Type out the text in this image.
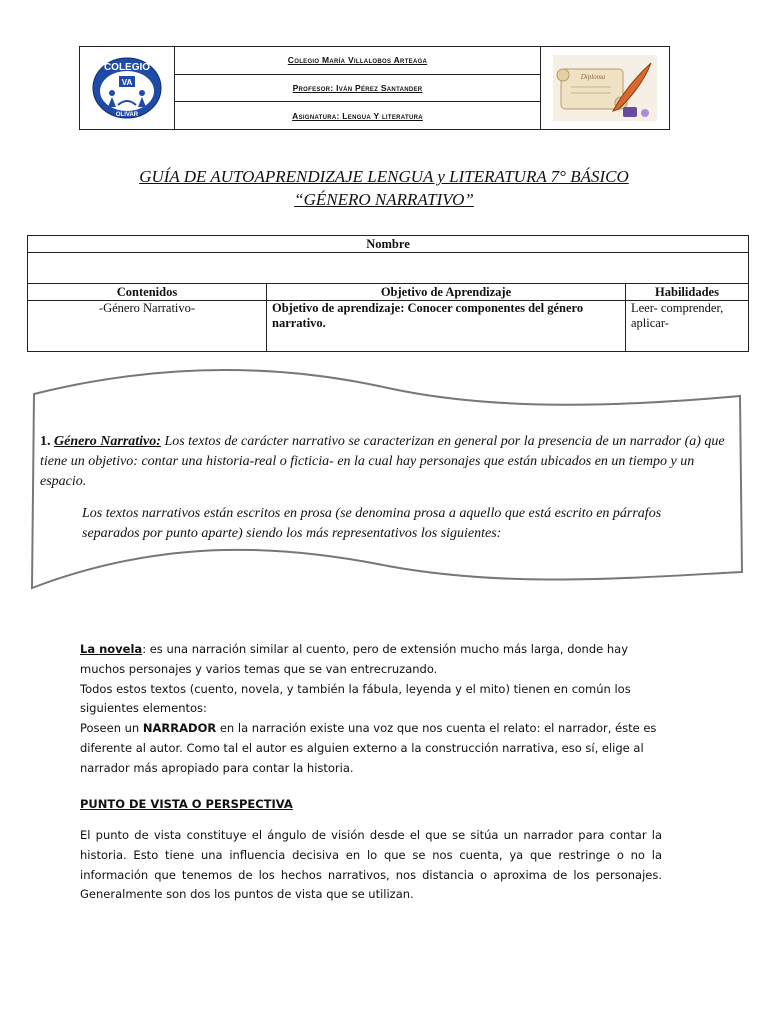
COLEGIO
VA
OLIVAR
Colegio María Villalobos Arteaga
Profesor: Iván Pérez Santander
Asignatura: Lengua Y literatura
Diploma
GUÍA DE AUTOAPRENDIZAJE LENGUA y LITERATURA 7° BÁSICO
“GÉNERO NARRATIVO”
Nombre		

Contenidos	Objetivo de Aprendizaje	Habilidades
-Género Narrativo-	Objetivo de aprendizaje: Conocer componentes del género narrativo.	Leer- comprender, aplicar-

1. Género Narrativo: Los textos de carácter narrativo se caracterizan en general por la presencia de un narrador (a) que tiene un objetivo: contar una historia-real o ficticia- en la cual hay personajes que están ubicados en un tiempo y un espacio.

Los textos narrativos están escritos en prosa (se denomina prosa a aquello que está escrito en párrafos separados por punto aparte) siendo los más representativos los siguientes:

La novela: es una narración similar al cuento, pero de extensión mucho más larga, donde hay muchos personajes y varios temas que se van entrecruzando.

Todos estos textos (cuento, novela, y también la fábula, leyenda y el mito) tienen en común los siguientes elementos:

Poseen un NARRADOR en la narración existe una voz que nos cuenta el relato: el narrador, éste es diferente al autor. Como tal el autor es alguien externo a la construcción narrativa, eso sí, elige al narrador más apropiado para contar la historia.

PUNTO DE VISTA O PERSPECTIVA

El punto de vista constituye el ángulo de visión desde el que se sitúa un narrador para contar la historia. Esto tiene una influencia decisiva en lo que se nos cuenta, ya que restringe o no la información que tenemos de los hechos narrativos, nos distancia o aproxima de los personajes. Generalmente son dos los puntos de vista que se utilizan.
